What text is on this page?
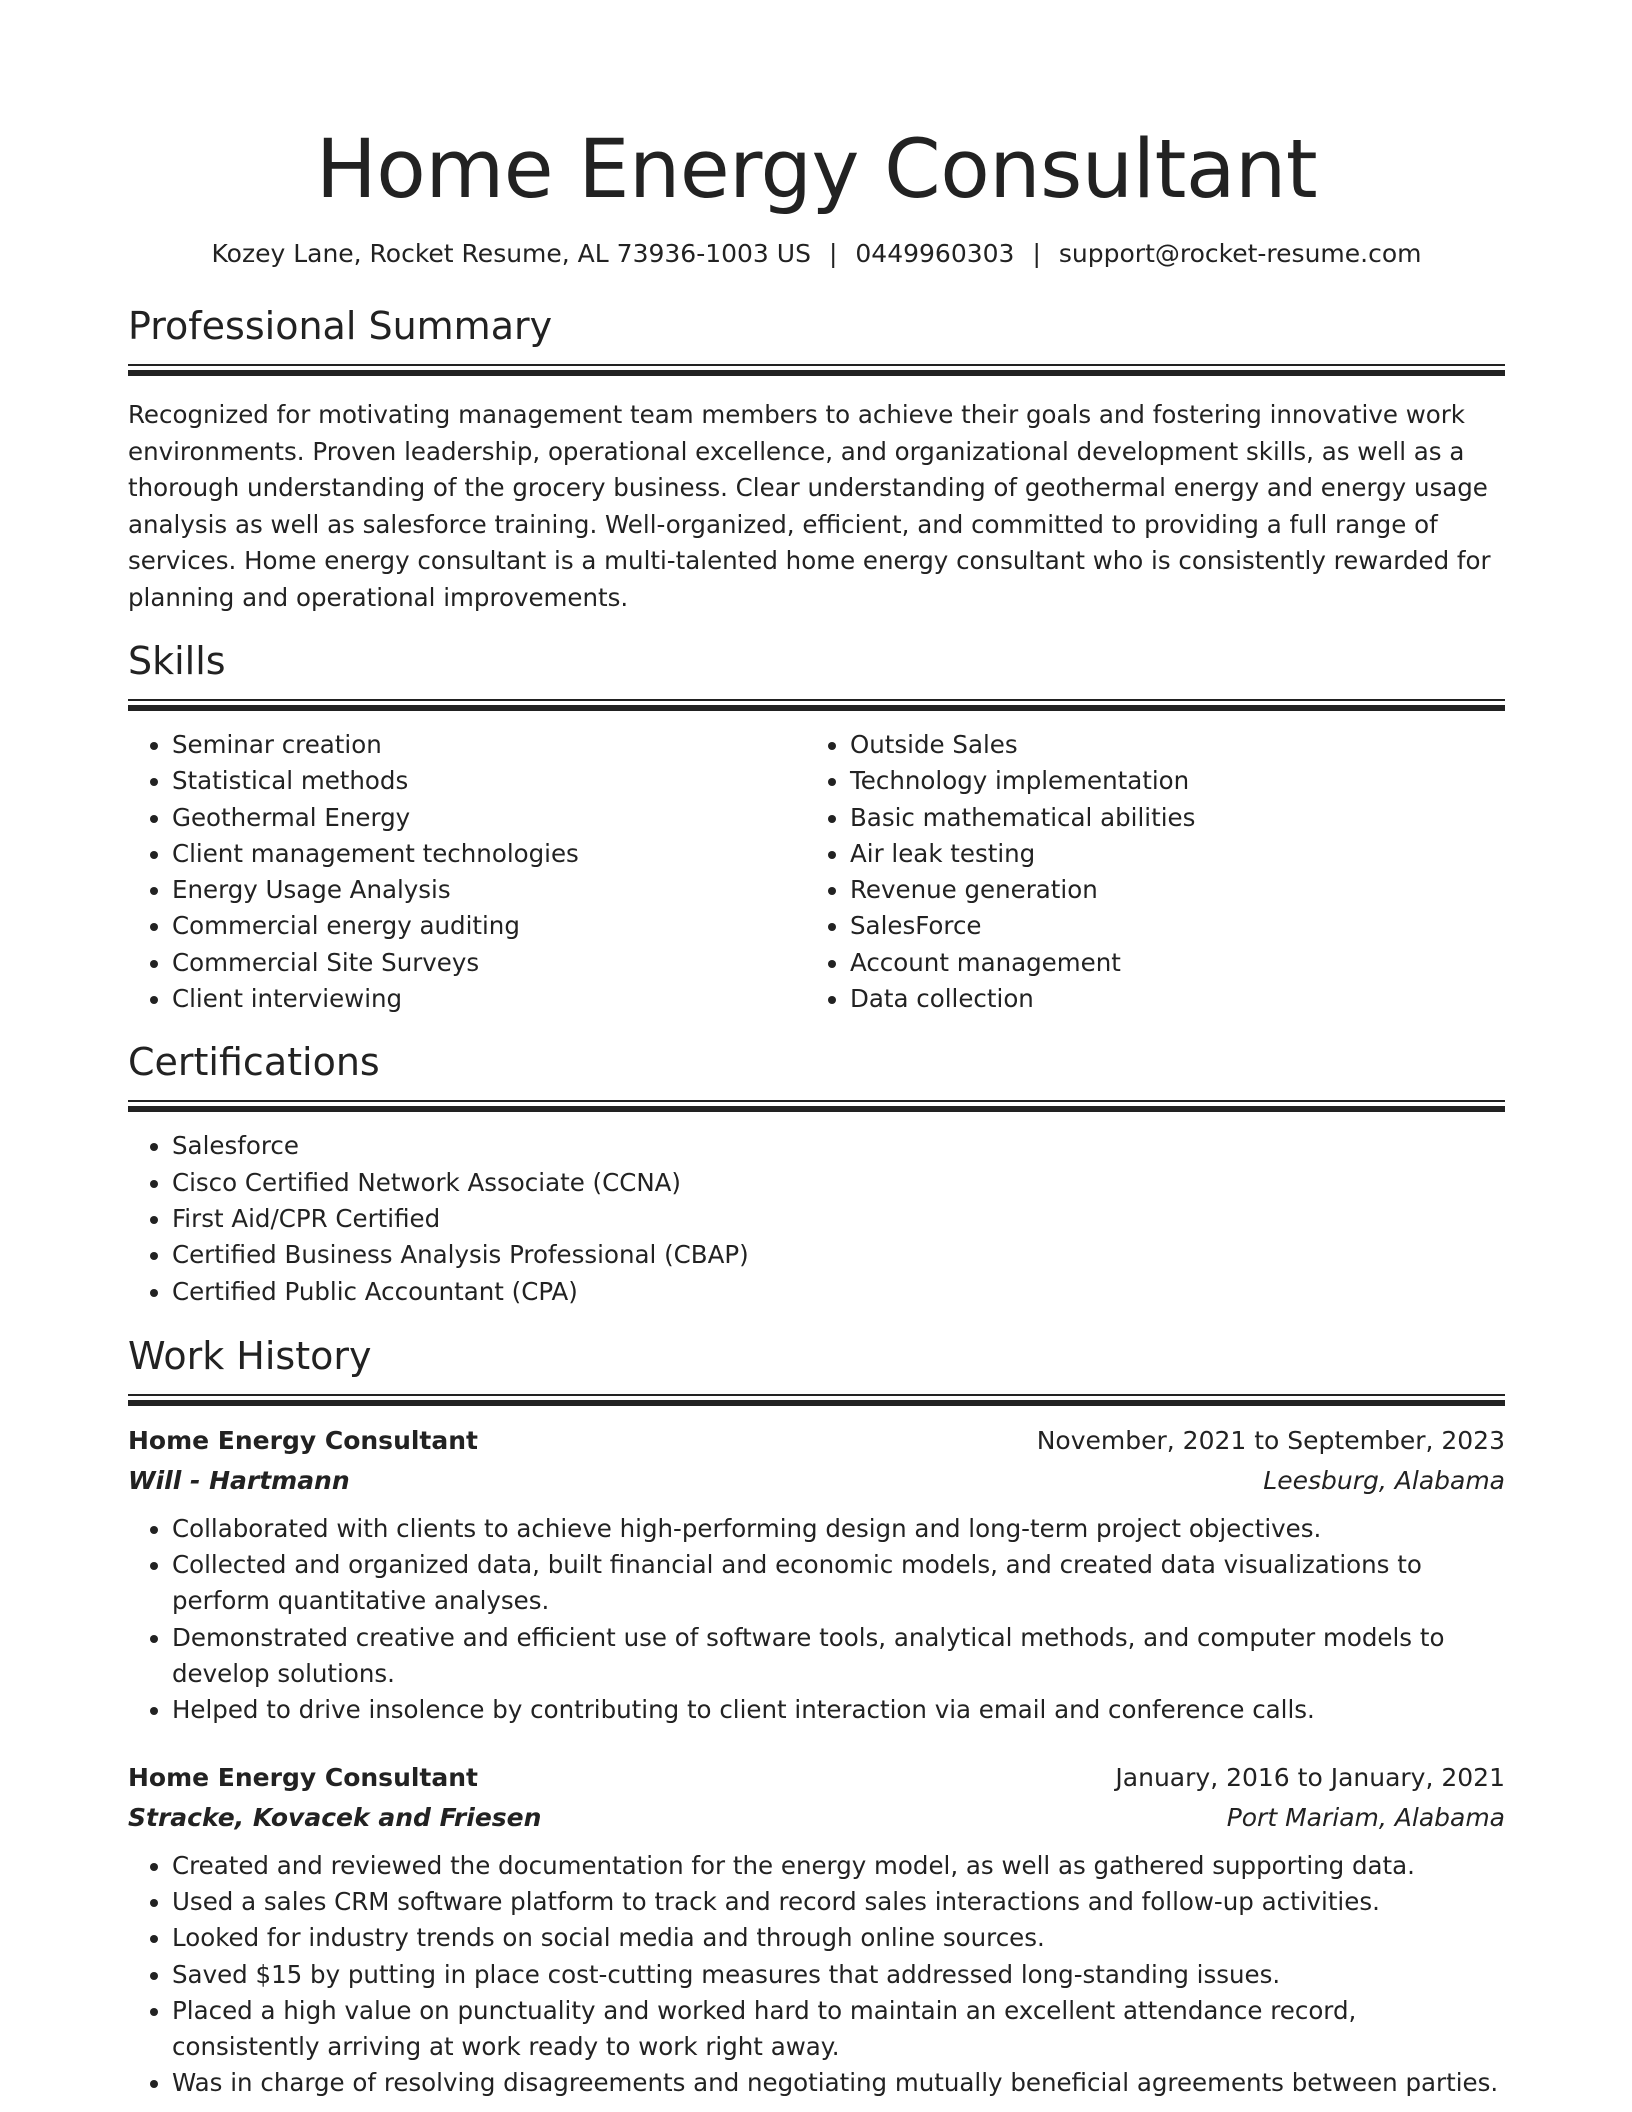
Home Energy Consultant
Kozey Lane, Rocket Resume, AL 73936-1003 US | 0449960303 | support@rocket-resume.com
Professional Summary
Recognized for motivating management team members to achieve their goals and fostering innovative work environments. Proven leadership, operational excellence, and organizational development skills, as well as a thorough understanding of the grocery business. Clear understanding of geothermal energy and energy usage analysis as well as salesforce training. Well-organized, efficient, and committed to providing a full range of services. Home energy consultant is a multi-talented home energy consultant who is consistently rewarded for planning and operational improvements.
Skills
• Seminar creation
• Statistical methods
• Geothermal Energy
• Client management technologies
• Energy Usage Analysis
• Commercial energy auditing
• Commercial Site Surveys
• Client interviewing
• Outside Sales
• Technology implementation
• Basic mathematical abilities
• Air leak testing
• Revenue generation
• SalesForce
• Account management
• Data collection
Certifications
• Salesforce
• Cisco Certified Network Associate (CCNA)
• First Aid/CPR Certified
• Certified Business Analysis Professional (CBAP)
• Certified Public Accountant (CPA)
Work History
Home Energy Consultant	November, 2021 to September, 2023
Will - Hartmann	Leesburg, Alabama
• Collaborated with clients to achieve high-performing design and long-term project objectives.
• Collected and organized data, built financial and economic models, and created data visualizations to perform quantitative analyses.
• Demonstrated creative and efficient use of software tools, analytical methods, and computer models to develop solutions.
• Helped to drive insolence by contributing to client interaction via email and conference calls.
Home Energy Consultant	January, 2016 to January, 2021
Stracke, Kovacek and Friesen	Port Mariam, Alabama
• Created and reviewed the documentation for the energy model, as well as gathered supporting data.
• Used a sales CRM software platform to track and record sales interactions and follow-up activities.
• Looked for industry trends on social media and through online sources.
• Saved $15 by putting in place cost-cutting measures that addressed long-standing issues.
• Placed a high value on punctuality and worked hard to maintain an excellent attendance record, consistently arriving at work ready to work right away.
• Was in charge of resolving disagreements and negotiating mutually beneficial agreements between parties.
